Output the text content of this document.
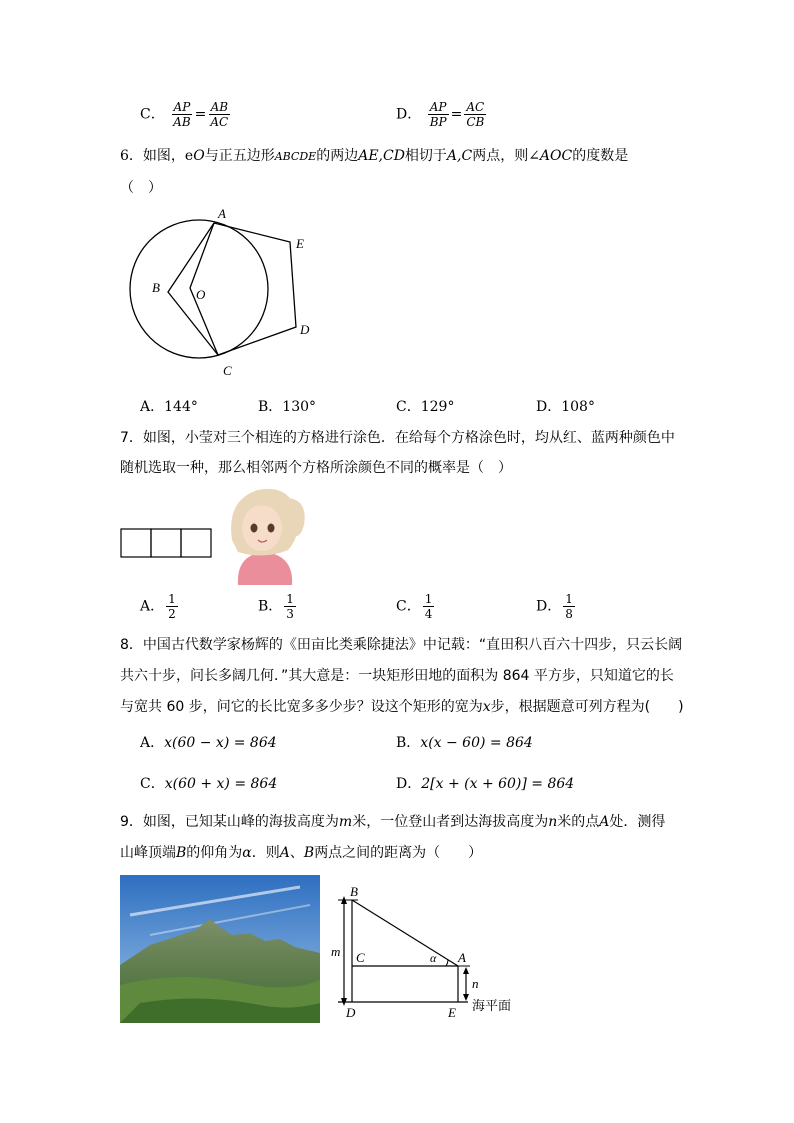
C． $\frac{AP}{AB} = \frac{AB}{AC}$	D． $\frac{AP}{BP} = \frac{AC}{CB}$
6．如图，eO与正五边形ABCDE的两边AE,CD相切于A,C两点，则∠AOC的度数是
（　）
A
B	O
E
D
C
A．144°	B．130°	C．129°	D．108°
7．如图，小莹对三个相连的方格进行涂色．在给每个方格涂色时，均从红、蓝两种颜色中
随机选取一种，那么相邻两个方格所涂颜色不同的概率是（　）
A． $\frac{1}{2}$	B． $\frac{1}{3}$	C． $\frac{1}{4}$	D． $\frac{1}{8}$
8．中国古代数学家杨辉的《田亩比类乘除捷法》中记载：“直田积八百六十四步，只云长阔
共六十步，问长多阔几何．”其大意是：一块矩形田地的面积为 864 平方步，只知道它的长
与宽共 60 步，问它的长比宽多多少步？设这个矩形的宽为x步，根据题意可列方程为(　　)
A．x(60 − x) = 864	B．x(x − 60) = 864
C．x(60 + x) = 864	D．2[x + (x + 60)] = 864
9．如图，已知某山峰的海拔高度为m米，一位登山者到达海拔高度为n米的点A处．测得
山峰顶端B的仰角为α．则A、B两点之间的距离为（　　）
B
m C	α A
n
D	E 海平面
